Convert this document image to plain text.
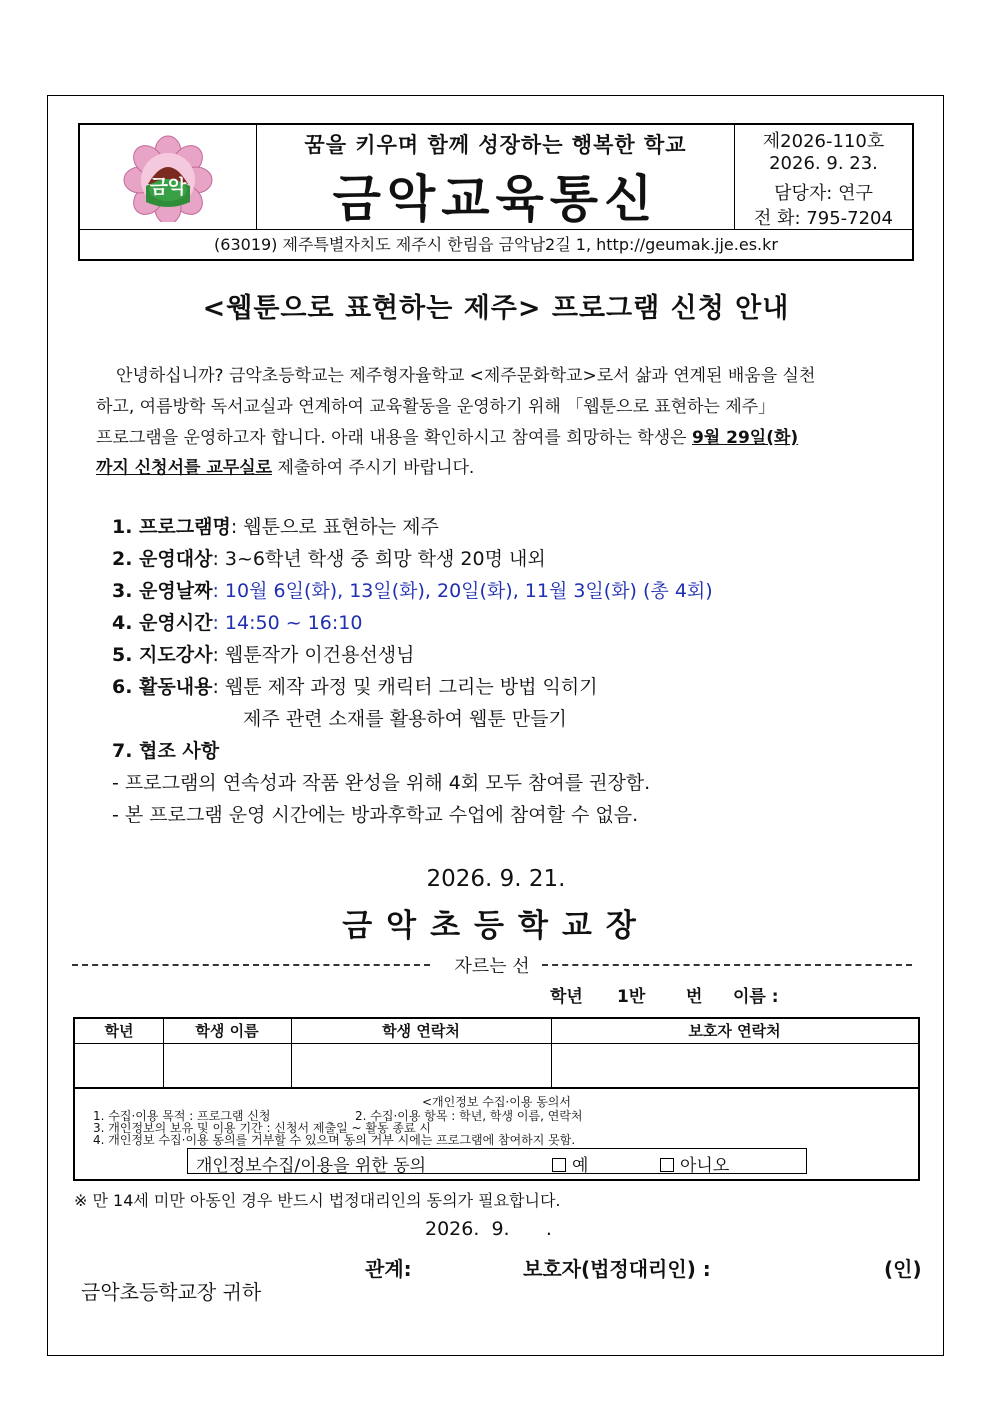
금악
꿈을 키우며 함께 성장하는 행복한 학교
금악교육통신
제2026-110호
2026. 9. 23.
담당자: 연구
전 화: 795-7204
(63019) 제주특별자치도 제주시 한림읍 금악남2길 1, http://geumak.jje.es.kr
<웹툰으로 표현하는 제주> 프로그램 신청 안내
안녕하십니까? 금악초등학교는 제주형자율학교 <제주문화학교>로서 삶과 연계된 배움을 실천
하고, 여름방학 독서교실과 연계하여 교육활동을 운영하기 위해 「웹툰으로 표현하는 제주」
프로그램을 운영하고자 합니다. 아래 내용을 확인하시고 참여를 희망하는 학생은 9월 29일(화)
까지 신청서를 교무실로 제출하여 주시기 바랍니다.
1. 프로그램명: 웹툰으로 표현하는 제주
2. 운영대상: 3~6학년 학생 중 희망 학생 20명 내외
3. 운영날짜: 10월 6일(화), 13일(화), 20일(화), 11월 3일(화) (총 4회)
4. 운영시간: 14:50 ~ 16:10
5. 지도강사: 웹툰작가 이건용선생님
6. 활동내용: 웹툰 제작 과정 및 캐릭터 그리는 방법 익히기
제주 관련 소재를 활용하여 웹툰 만들기
7. 협조 사항
- 프로그램의 연속성과 작품 완성을 위해 4회 모두 참여를 권장함.
- 본 프로그램 운영 시간에는 방과후학교 수업에 참여할 수 없음.
2026. 9. 21.
금악초등학교장
자르는 선
학년 1반 번 이름 :
학년	학생 이름	학생 연락처	보호자 연락처
<개인정보 수집·이용 동의서
1. 수집·이용 목적 : 프로그램 신청	2. 수집·이용 항목 : 학년, 학생 이름, 연락처
3. 개인정보의 보유 및 이용 기간 : 신청서 제출일 ~ 활동 종료 시
4. 개인정보 수집·이용 동의를 거부할 수 있으며 동의 거부 시에는 프로그램에 참여하지 못함.
개인정보수집/이용을 위한 동의	예	아니오
※ 만 14세 미만 아동인 경우 반드시 법정대리인의 동의가 필요합니다.
2026.  9.      .
관계:	보호자(법정대리인) :	(인)
금악초등학교장 귀하
